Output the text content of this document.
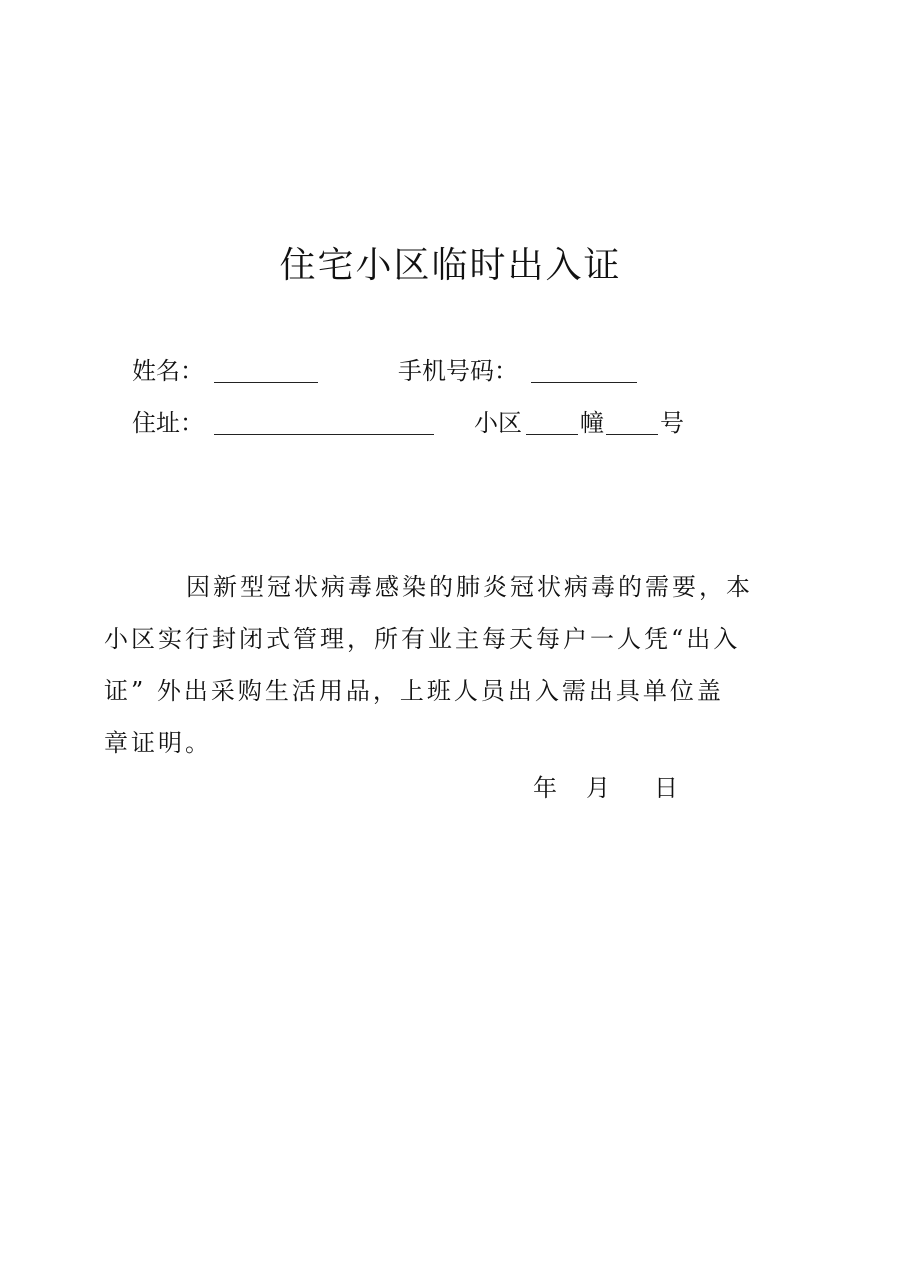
住宅小区临时出入证
姓名：	手机号码：
住址：	小区 幢 号
因新型冠状病毒感染的肺炎冠状病毒的需要，本
小区实行封闭式管理，所有业主每天每户一人凭“出入
证” 外出采购生活用品，上班人员出入需出具单位盖
章证明。
年 月 日
